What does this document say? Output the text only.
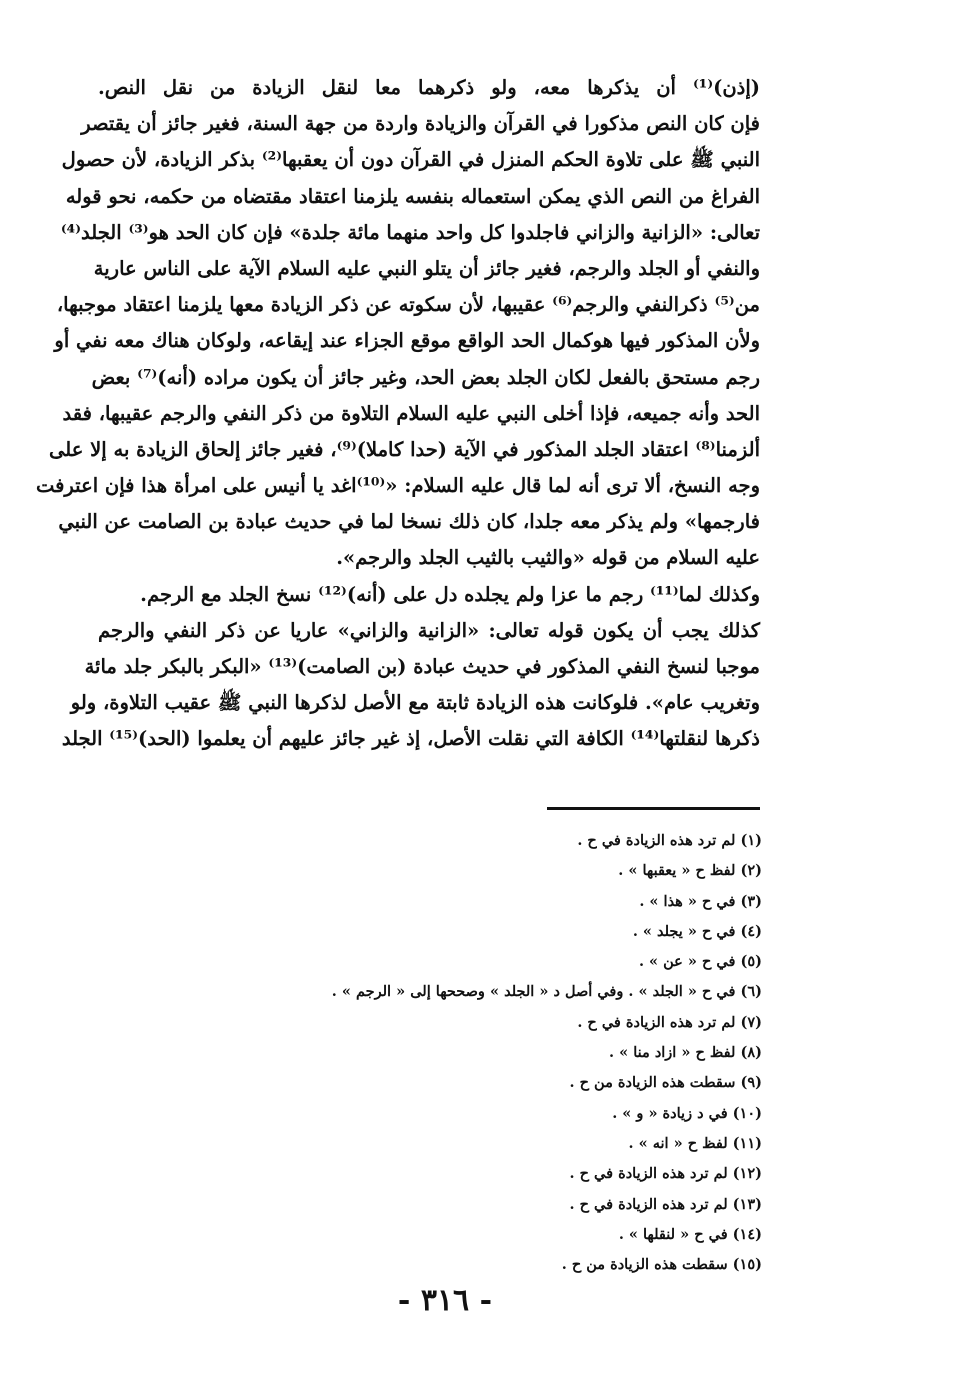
(إذن)⁽¹⁾ أن يذكرها معه، ولو ذكرهما معا لنقل الزيادة من نقل النص.
فإن كان النص مذكورا في القرآن والزيادة واردة من جهة السنة، فغير جائز أن يقتصر
النبي ﷺ على تلاوة الحكم المنزل في القرآن دون أن يعقبها⁽²⁾ بذكر الزيادة، لأن حصول
الفراغ من النص الذي يمكن استعماله بنفسه يلزمنا اعتقاد مقتضاه من حكمه، نحو قوله
تعالى: «الزانية والزاني فاجلدوا كل واحد منهما مائة جلدة» فإن كان الحد هو⁽³⁾ الجلد⁽⁴⁾
والنفي أو الجلد والرجم، فغير جائز أن يتلو النبي عليه السلام الآية على الناس عارية
من⁽⁵⁾ ذكرالنفي والرجم⁽⁶⁾ عقيبها، لأن سكوته عن ذكر الزيادة معها يلزمنا اعتقاد موجبها،
ولأن المذكور فيها هوكمال الحد الواقع موقع الجزاء عند إيقاعه، ولوكان هناك معه نفي أو
رجم مستحق بالفعل لكان الجلد بعض الحد، وغير جائز أن يكون مراده (أنه)⁽⁷⁾ بعض
الحد وأنه جميعه، فإذا أخلى النبي عليه السلام التلاوة من ذكر النفي والرجم عقيبها، فقد
ألزمنا⁽⁸⁾ اعتقاد الجلد المذكور في الآية (حدا كاملا)⁽⁹⁾، فغير جائز إلحاق الزيادة به إلا على
وجه النسخ، ألا ترى أنه لما قال عليه السلام: «⁽¹⁰⁾اغد يا أنيس على امرأة هذا فإن اعترفت
فارجمها» ولم يذكر معه جلدا، كان ذلك نسخا لما في حديث عبادة بن الصامت عن النبي
عليه السلام من قوله «والثيب بالثيب الجلد والرجم».
وكذلك لما⁽¹¹⁾ رجم ما عزا ولم يجلده دل على (أنه)⁽¹²⁾ نسخ الجلد مع الرجم.
كذلك يجب أن يكون قوله تعالى: «الزانية والزاني» عاريا عن ذكر النفي والرجم
موجبا لنسخ النفي المذكور في حديث عبادة (بن الصامت)⁽¹³⁾ «البكر بالبكر جلد مائة
وتغريب عام». فلوكانت هذه الزيادة ثابتة مع الأصل لذكرها النبي ﷺ عقيب التلاوة، ولو
ذكرها لنقلتها⁽¹⁴⁾ الكافة التي نقلت الأصل، إذ غير جائز عليهم أن يعلموا (الحد)⁽¹⁵⁾ الجلد
(١) لم ترد هذه الزيادة في ح .
(٢) لفظ ح « يعقبها » .
(٣) في ح « هذا » .
(٤) في ح « يجلد » .
(٥) في ح « عن » .
(٦) في ح « الجلد » . وفي أصل د « الجلد » وصححها إلى « الرجم » .
(٧) لم ترد هذه الزيادة في ح .
(٨) لفظ ح « ازاد منا » .
(٩) سقطت هذه الزيادة من ح .
(١٠) في د زيادة « و » .
(١١) لفظ ح « انه » .
(١٢) لم ترد هذه الزيادة في ح .
(١٣) لم ترد هذه الزيادة في ح .
(١٤) في ح « لنقلها » .
(١٥) سقطت هذه الزيادة من ح .
- ٣١٦ -
